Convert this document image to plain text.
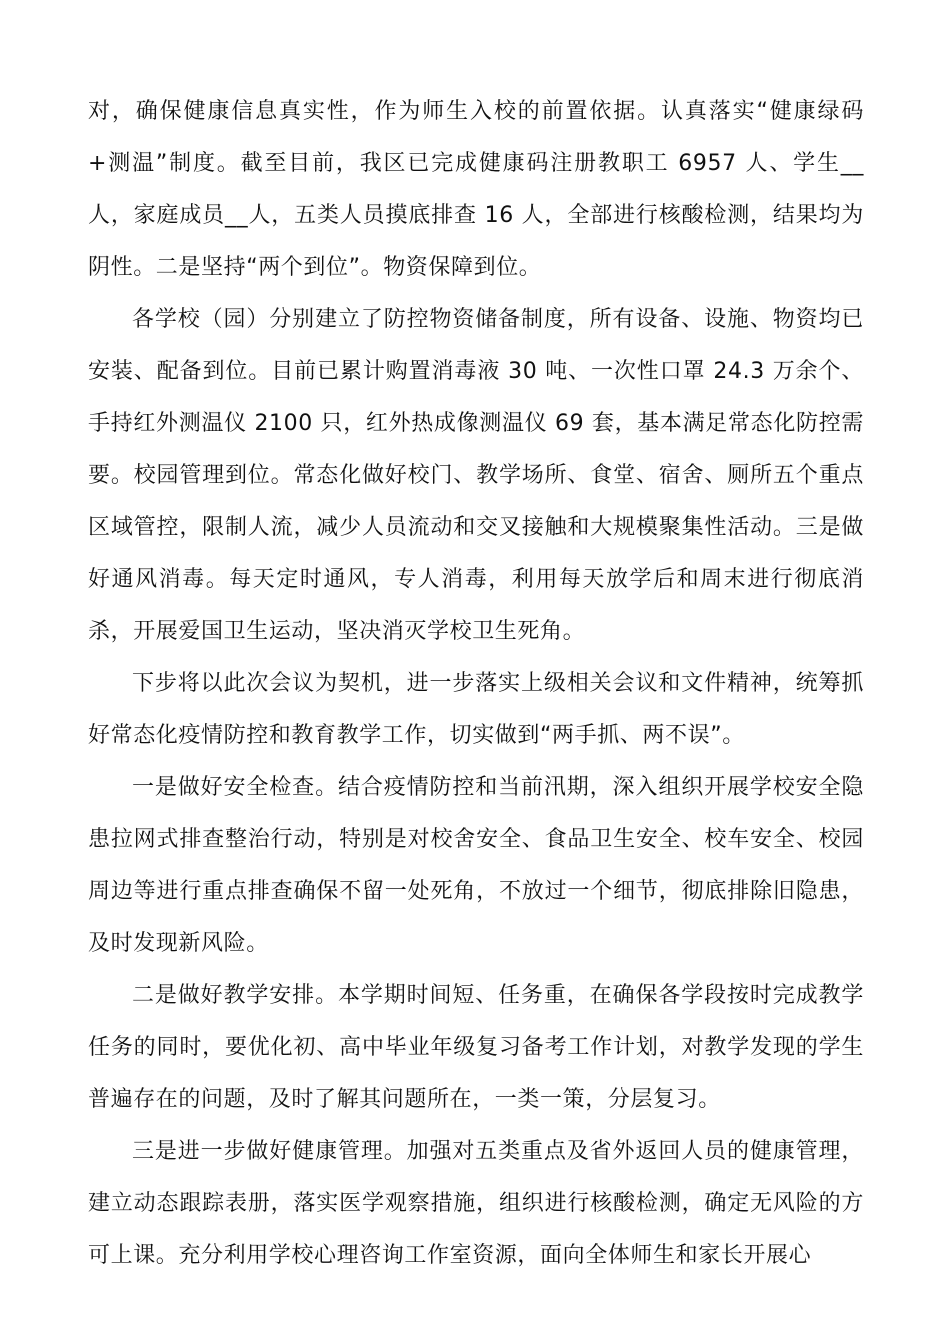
对，确保健康信息真实性，作为师生入校的前置依据。认真落实“健康绿码+测温”制度。截至目前，我区已完成健康码注册教职工 6957 人、学生__人，家庭成员__人，五类人员摸底排查 16 人，全部进行核酸检测，结果均为阴性。二是坚持“两个到位”。物资保障到位。

各学校（园）分别建立了防控物资储备制度，所有设备、设施、物资均已安装、配备到位。目前已累计购置消毒液 30 吨、一次性口罩 24.3 万余个、手持红外测温仪 2100 只，红外热成像测温仪 69 套，基本满足常态化防控需要。校园管理到位。常态化做好校门、教学场所、食堂、宿舍、厕所五个重点区域管控，限制人流，减少人员流动和交叉接触和大规模聚集性活动。三是做好通风消毒。每天定时通风，专人消毒，利用每天放学后和周末进行彻底消杀，开展爱国卫生运动，坚决消灭学校卫生死角。

下步将以此次会议为契机，进一步落实上级相关会议和文件精神，统筹抓好常态化疫情防控和教育教学工作，切实做到“两手抓、两不误”。

一是做好安全检查。结合疫情防控和当前汛期，深入组织开展学校安全隐患拉网式排查整治行动，特别是对校舍安全、食品卫生安全、校车安全、校园周边等进行重点排查确保不留一处死角，不放过一个细节，彻底排除旧隐患，及时发现新风险。

二是做好教学安排。本学期时间短、任务重，在确保各学段按时完成教学任务的同时，要优化初、高中毕业年级复习备考工作计划，对教学发现的学生普遍存在的问题，及时了解其问题所在，一类一策，分层复习。

三是进一步做好健康管理。加强对五类重点及省外返回人员的健康管理，建立动态跟踪表册，落实医学观察措施，组织进行核酸检测，确定无风险的方可上课。充分利用学校心理咨询工作室资源，面向全体师生和家长开展心
